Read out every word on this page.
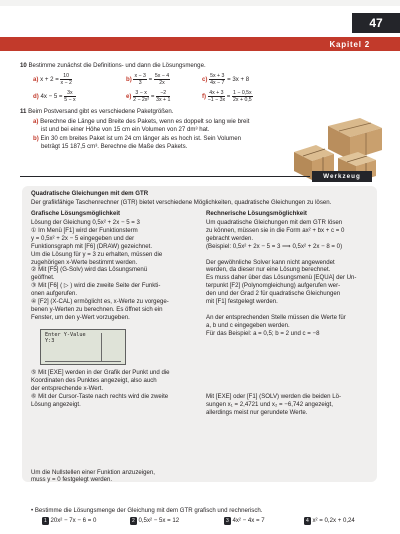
47
Kapitel 2
10 Bestimme zunächst die Definitions- und dann die Lösungsmenge.
a) $x + 2 = \frac{10}{x - 2}$	$b) \frac{x - 3}{3} = \frac{5x - 4}{2x}$	$c) \frac{5x + 3}{4x - 7} = 3x + 8$
d) $4x - 5 = \frac{3x}{5 - x}$	$e) \frac{3 - x}{\text{2 − 2x²}} = \frac{-2}{3x + 1}$	$f) \frac{4x + 3}{-1 - 3x} = \frac{1 - 0,5x}{2x + 0,5}$
11 Beim Postversand gibt es verschiedene Paketgrößen.
a) Berechne die Länge und Breite des Pakets, wenn es doppelt so lang wie breit
ist und bei einer Höhe von 15 cm ein Volumen von 27 dm³ hat.
b) Ein 30 cm breites Paket ist um 24 cm länger als es hoch ist. Sein Volumen
beträgt 15 187,5 cm³. Berechne die Maße des Pakets.
Werkzeug
Quadratische Gleichungen mit dem GTR
Der grafikfähige Taschenrechner (GTR) bietet verschiedene Möglichkeiten, quadratische Gleichungen zu lösen.
Grafische Lösungsmöglichkeit
Lösung der Gleichung 0,5x² + 2x − 5 = 3
① Im Menü [F1] wird der Funktionsterm
y = 0,5x² + 2x − 5 eingegeben und der
Funktionsgraph mit [F6] (DRAW) gezeichnet.
Um die Lösung für y = 3 zu erhalten, müssen die
zugehörigen x-Werte bestimmt werden.
② Mit [F5] (G-Solv) wird das Lösungsmenü
geöffnet.
③ Mit [F6] ( ▷ ) wird die zweite Seite der Funkti-
onen aufgerufen.
④ [F2] (X-CAL) ermöglicht es, x-Werte zu vorgege-
benen y-Werten zu berechnen. Es öffnet sich ein
Fenster, um den y-Wert vorzugeben.
Enter Y-Value
Y:3
⑤ Mit [EXE] werden in der Grafik der Punkt und die
Koordinaten des Punktes angezeigt, also auch
der entsprechende x-Wert.
⑥ Mit der Cursor-Taste nach rechts wird die zweite
Lösung angezeigt.
Um die Nullstellen einer Funktion anzuzeigen,
muss y = 0 festgelegt werden.
Rechnerische Lösungsmöglichkeit
Um quadratische Gleichungen mit dem GTR lösen
zu können, müssen sie in die Form ax² + bx + c = 0
gebracht werden.
(Beispiel: 0,5x² + 2x − 5 = 3 ⟹ 0,5x² + 2x − 8 = 0)
Der gewöhnliche Solver kann nicht angewendet
werden, da dieser nur eine Lösung berechnet.
Es muss daher über das Lösungsmenü [EQUA] der Un-
terpunkt [F2] (Polynomgleichung) aufgerufen wer-
den und der Grad 2 für quadratische Gleichungen
mit [F1] festgelegt werden.
An der entsprechenden Stelle müssen die Werte für
a, b und c eingegeben werden.
Für das Beispiel: a = 0,5; b = 2 und c = −8
Mit [EXE] oder [F1] (SOLV) werden die beiden Lö-
sungen x₁ = 2,4721 und x₂ = −6,742 angezeigt,
allerdings meist nur gerundete Werte.
• Bestimme die Lösungsmenge der Gleichung mit dem GTR grafisch und rechnerisch.
1 20x² − 7x − 6 = 0	2 0,5x² − 5x = 12	3 4x² − 4x = 7	4 x² = 0,2x + 0,24
